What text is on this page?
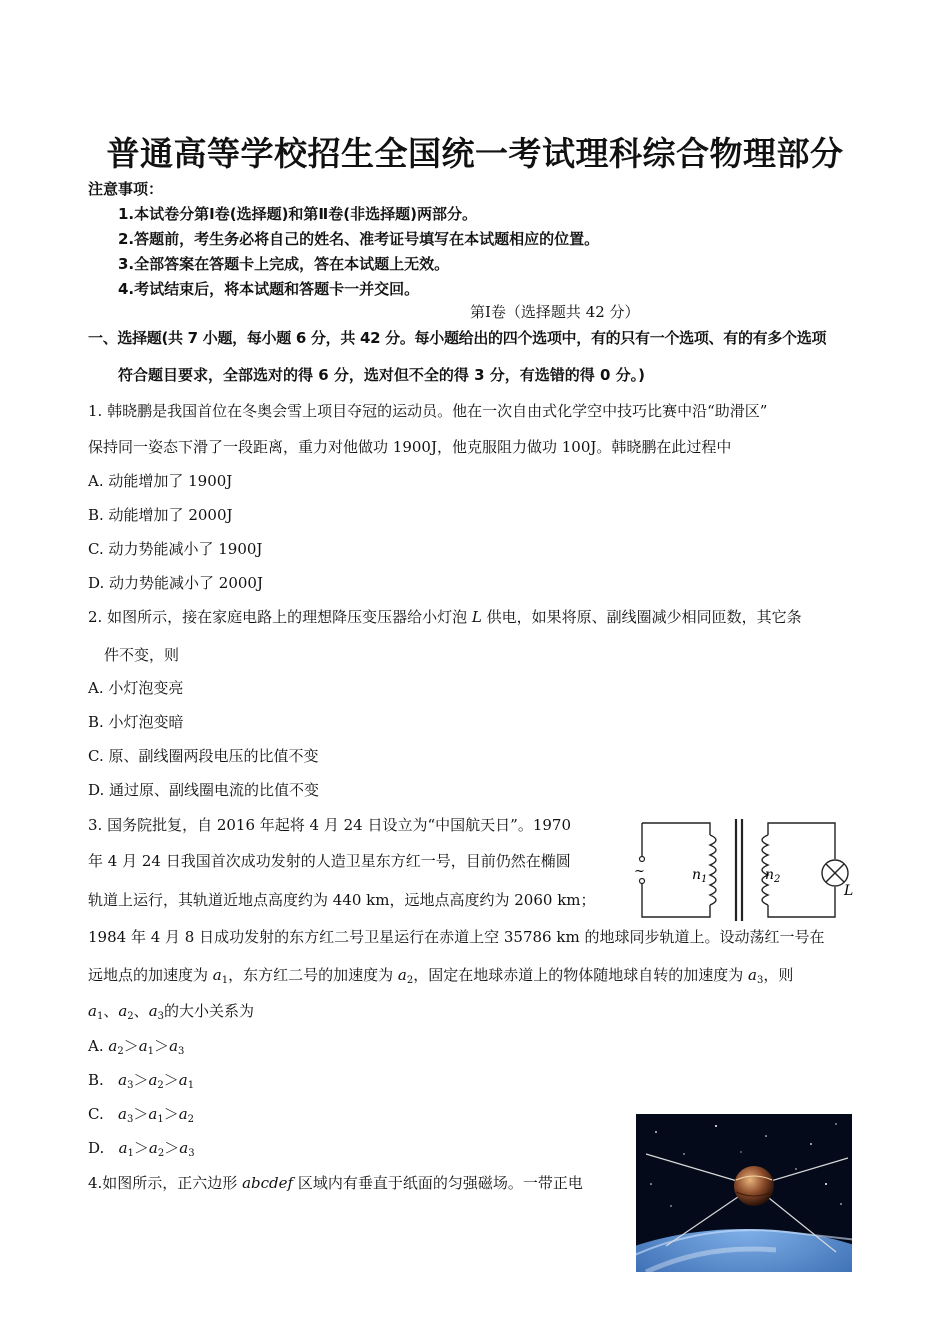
普通高等学校招生全国统一考试理科综合物理部分
注意事项：
1.本试卷分第Ⅰ卷(选择题)和第Ⅱ卷(非选择题)两部分。
2.答题前，考生务必将自己的姓名、准考证号填写在本试题相应的位置。
3.全部答案在答题卡上完成，答在本试题上无效。
4.考试结束后，将本试题和答题卡一并交回。
第Ⅰ卷（选择题共 42 分）
一、选择题(共 7 小题，每小题 6 分，共 42 分。每小题给出的四个选项中，有的只有一个选项、有的有多个选项
符合题目要求，全部选对的得 6 分，选对但不全的得 3 分，有选错的得 0 分。)
1. 韩晓鹏是我国首位在冬奥会雪上项目夺冠的运动员。他在一次自由式化学空中技巧比赛中沿“助滑区”
保持同一姿态下滑了一段距离，重力对他做功 1900J，他克服阻力做功 100J。韩晓鹏在此过程中
A. 动能增加了 1900J
B. 动能增加了 2000J
C. 动力势能减小了 1900J
D. 动力势能减小了 2000J
2. 如图所示，接在家庭电路上的理想降压变压器给小灯泡 L 供电，如果将原、副线圈减少相同匝数，其它条
件不变，则
A. 小灯泡变亮
B. 小灯泡变暗
C. 原、副线圈两段电压的比值不变
D. 通过原、副线圈电流的比值不变
~	$n_1$	$n_2$
L
3. 国务院批复，自 2016 年起将 4 月 24 日设立为“中国航天日”。1970
年 4 月 24 日我国首次成功发射的人造卫星东方红一号，目前仍然在椭圆
轨道上运行，其轨道近地点高度约为 440 km，远地点高度约为 2060 km；
1984 年 4 月 8 日成功发射的东方红二号卫星运行在赤道上空 35786 km 的地球同步轨道上。设动荡红一号在
远地点的加速度为 $a_1$，东方红二号的加速度为 $a_2$，固定在地球赤道上的物体随地球自转的加速度为 $a_3$，则
$a_1$、$a_2$、$a_3$的大小关系为
A. $a_2>a_1>a_3$
B.   $a_3>a_2>a_1$
C.   $a_3>a_1>a_2$
D.   $a_1>a_2>a_3$
4.如图所示，正六边形 abcdef 区域内有垂直于纸面的匀强磁场。一带正电
